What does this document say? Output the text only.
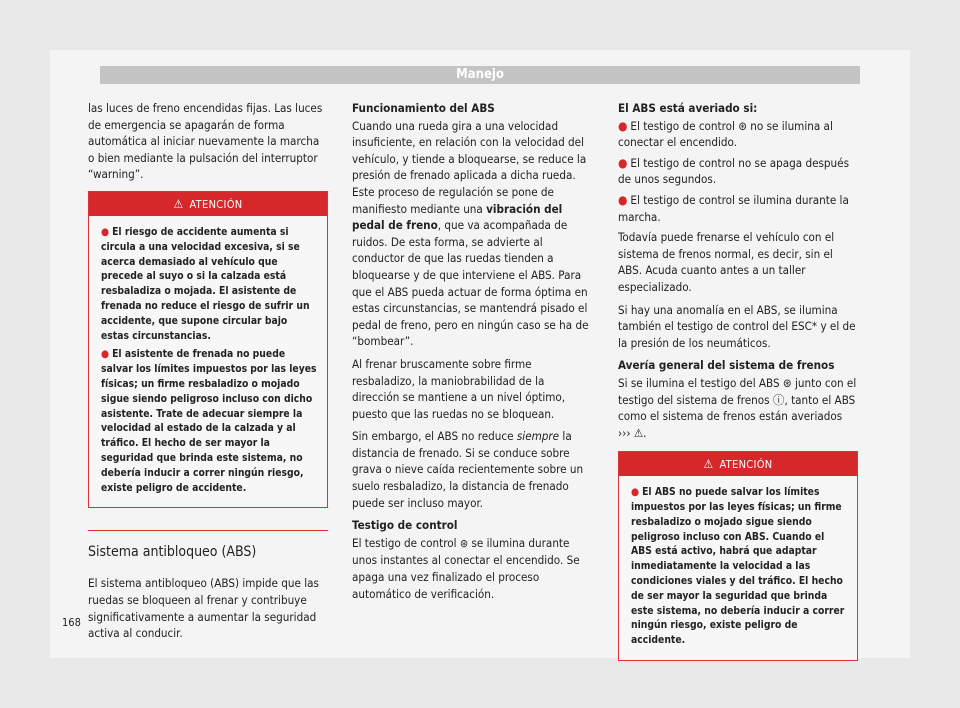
Manejo

las luces de freno encendidas fijas. Las luces de emergencia se apagarán de forma automática al iniciar nuevamente la marcha o bien mediante la pulsación del interruptor “warning”.

⚠ ATENCIÓN
● El riesgo de accidente aumenta si circula a una velocidad excesiva, si se acerca demasiado al vehículo que precede al suyo o si la calzada está resbaladiza o mojada. El asistente de frenada no reduce el riesgo de sufrir un accidente, que supone circular bajo estas circunstancias.
● El asistente de frenada no puede salvar los límites impuestos por las leyes físicas; un firme resbaladizo o mojado sigue siendo peligroso incluso con dicho asistente. Trate de adecuar siempre la velocidad al estado de la calzada y al tráfico. El hecho de ser mayor la seguridad que brinda este sistema, no debería inducir a correr ningún riesgo, existe peligro de accidente.
Sistema antibloqueo (ABS)

El sistema antibloqueo (ABS) impide que las ruedas se bloqueen al frenar y contribuye significativamente a aumentar la seguridad activa al conducir.

Funcionamiento del ABS

Cuando una rueda gira a una velocidad insuficiente, en relación con la velocidad del vehículo, y tiende a bloquearse, se reduce la presión de frenado aplicada a dicha rueda. Este proceso de regulación se pone de manifiesto mediante una vibración del pedal de freno, que va acompañada de ruidos. De esta forma, se advierte al conductor de que las ruedas tienden a bloquearse y de que interviene el ABS. Para que el ABS pueda actuar de forma óptima en estas circunstancias, se mantendrá pisado el pedal de freno, pero en ningún caso se ha de “bombear”.

Al frenar bruscamente sobre firme resbaladizo, la maniobrabilidad de la dirección se mantiene a un nivel óptimo, puesto que las ruedas no se bloquean.

Sin embargo, el ABS no reduce siempre la distancia de frenado. Si se conduce sobre grava o nieve caída recientemente sobre un suelo resbaladizo, la distancia de frenado puede ser incluso mayor.

Testigo de control

El testigo de control ⊛ se ilumina durante unos instantes al conectar el encendido. Se apaga una vez finalizado el proceso automático de verificación.

El ABS está averiado si:

● El testigo de control ⊛ no se ilumina al conectar el encendido.

● El testigo de control no se apaga después de unos segundos.

● El testigo de control se ilumina durante la marcha.

Todavía puede frenarse el vehículo con el sistema de frenos normal, es decir, sin el ABS. Acuda cuanto antes a un taller especializado.

Si hay una anomalía en el ABS, se ilumina también el testigo de control del ESC* y el de la presión de los neumáticos.

Avería general del sistema de frenos

Si se ilumina el testigo del ABS ⊛ junto con el testigo del sistema de frenos ⓘ, tanto el ABS como el sistema de frenos están averiados ››› ⚠.

⚠ ATENCIÓN
● El ABS no puede salvar los límites impuestos por las leyes físicas; un firme resbaladizo o mojado sigue siendo peligroso incluso con ABS. Cuando el ABS está activo, habrá que adaptar inmediatamente la velocidad a las condiciones viales y del tráfico. El hecho de ser mayor la seguridad que brinda este sistema, no debería inducir a correr ningún riesgo, existe peligro de accidente.
168
